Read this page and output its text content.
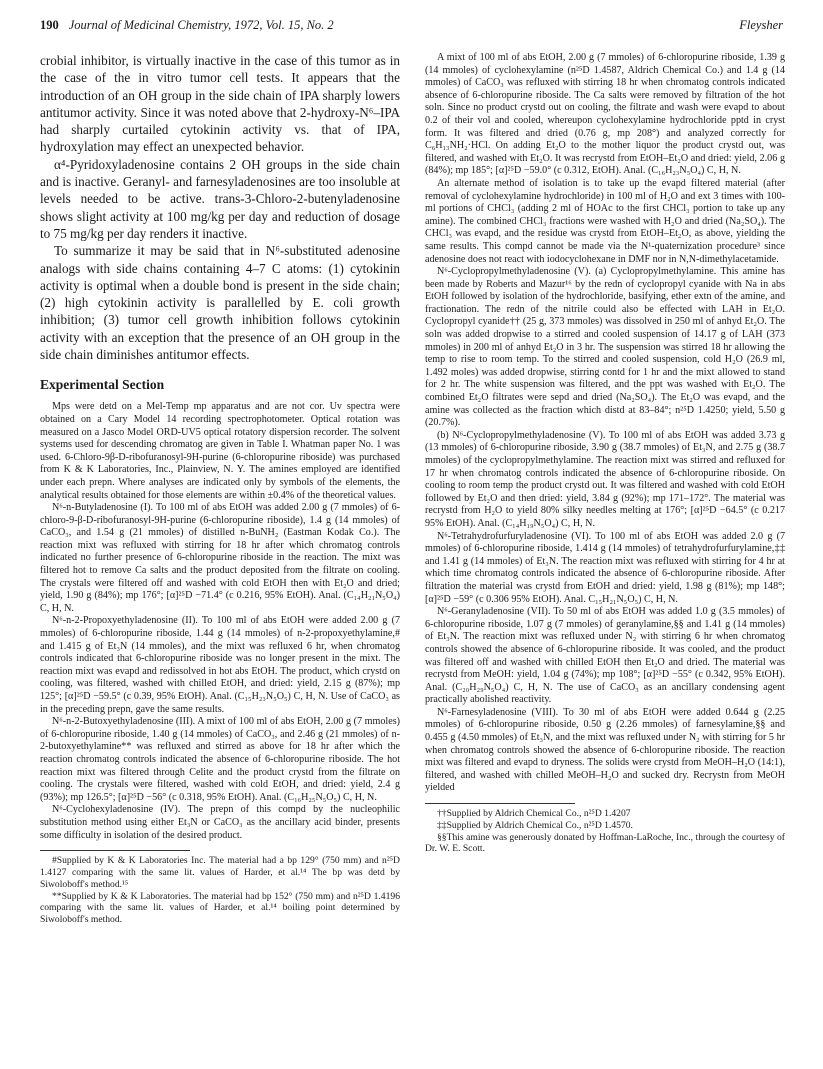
190 Journal of Medicinal Chemistry, 1972, Vol. 15, No. 2	Fleysher

crobial inhibitor, is virtually inactive in the case of this tumor as in the case of the in vitro tumor cell tests. It appears that the introduction of an OH group in the side chain of IPA sharply lowers antitumor activity. Since it was noted above that 2-hydroxy-N⁶–IPA had sharply curtailed cytokinin activity vs. that of IPA, hydroxylation may effect an unexpected behavior.

α⁴-Pyridoxyladenosine contains 2 OH groups in the side chain and is inactive. Geranyl- and farnesyladenosines are too insoluble at levels needed to be active. trans-3-Chloro-2-butenyladenosine shows slight activity at 100 mg/kg per day and reduction of dosage to 75 mg/kg per day renders it inactive.

To summarize it may be said that in N⁶-substituted adenosine analogs with side chains containing 4–7 C atoms: (1) cytokinin activity is optimal when a double bond is present in the side chain; (2) high cytokinin activity is parallelled by E. coli growth inhibition; (3) tumor cell growth inhibition follows cytokinin activity with an exception that the presence of an OH group in the side chain diminishes antitumor effects.

Experimental Section

Mps were detd on a Mel-Temp mp apparatus and are not cor. Uv spectra were obtained on a Cary Model 14 recording spectrophotometer. Optical rotation was measured on a Jasco Model ORD-UV5 optical rotatory dispersion recorder. The solvent systems used for descending chromatog are given in Table I. Whatman paper No. 1 was used. 6-Chloro-9β-D-ribofuranosyl-9H-purine (6-chloropurine riboside) was purchased from K & K Laboratories, Inc., Plainview, N. Y. The amines employed are identified under each prepn. Where analyses are indicated only by symbols of the elements, the analytical results obtained for those elements are within ±0.4% of the theoretical values.

N⁶-n-Butyladenosine (I). To 100 ml of abs EtOH was added 2.00 g (7 mmoles) of 6-chloro-9-β-D-ribofuranosyl-9H-purine (6-chloropurine riboside), 1.4 g (14 mmoles) of CaCO₃, and 1.54 g (21 mmoles) of distilled n-BuNH₂ (Eastman Kodak Co.). The reaction mixt was refluxed with stirring for 18 hr after which chromatog controls indicated no further presence of 6-chloropurine riboside in the reaction. The mixt was filtered hot to remove Ca salts and the product deposited from the filtrate on cooling. The crystals were filtered off and washed with cold EtOH then with Et₂O and dried; yield, 1.90 g (84%); mp 176°; [α]²⁵D −71.4° (c 0.216, 95% EtOH). Anal. (C₁₄H₂₁N₅O₄) C, H, N.

N⁶-n-2-Propoxyethyladenosine (II). To 100 ml of abs EtOH were added 2.00 g (7 mmoles) of 6-chloropurine riboside, 1.44 g (14 mmoles) of n-2-propoxyethylamine,# and 1.415 g of Et₃N (14 mmoles), and the mixt was refluxed 6 hr, when chromatog controls indicated that 6-chloropurine riboside was no longer present in the mixt. The reaction mixt was evapd and redissolved in hot abs EtOH. The product, which crystd on cooling, was filtered, washed with chilled EtOH, and dried: yield, 2.15 g (87%); mp 125°; [α]²⁵D −59.5° (c 0.39, 95% EtOH). Anal. (C₁₅H₂₃N₅O₅) C, H, N. Use of CaCO₃ as in the preceding prepn, gave the same results.

N⁶-n-2-Butoxyethyladenosine (III). A mixt of 100 ml of abs EtOH, 2.00 g (7 mmoles) of 6-chloropurine riboside, 1.40 g (14 mmoles) of CaCO₃, and 2.46 g (21 mmoles) of n-2-butoxyethylamine** was refluxed and stirred as above for 18 hr after which the reaction chromatog controls indicated the absence of 6-chloropurine riboside. The hot reaction mixt was filtered through Celite and the product crystd from the filtrate on cooling. The crystals were filtered, washed with cold EtOH, and dried: yield, 2.4 g (93%); mp 126.5°; [α]²⁵D −56° (c 0.318, 95% EtOH). Anal. (C₁₆H₂₅N₅O₅) C, H, N.

N⁶-Cyclohexyladenosine (IV). The prepn of this compd by the nucleophilic substitution method using either Et₃N or CaCO₃ as the ancillary acid binder, presents some difficulty in isolation of the desired product.

#Supplied by K & K Laboratories Inc. The material had a bp 129° (750 mm) and n²⁵D 1.4127 comparing with the same lit. values of Harder, et al.¹⁴ The bp was detd by Siwoloboff's method.¹⁵

**Supplied by K & K Laboratories. The material had bp 152° (750 mm) and n²⁵D 1.4196 comparing with the same lit. values of Harder, et al.¹⁴ boiling point determined by Siwoloboff's method.

A mixt of 100 ml of abs EtOH, 2.00 g (7 mmoles) of 6-chloropurine riboside, 1.39 g (14 mmoles) of cyclohexylamine (n²⁵D 1.4587, Aldrich Chemical Co.) and 1.4 g (14 mmoles) of CaCO₃ was refluxed with stirring 18 hr when chromatog controls indicated absence of 6-chloropurine riboside. The Ca salts were removed by filtration of the hot soln. Since no product crystd out on cooling, the filtrate and wash were evapd to about 0.2 of their vol and cooled, whereupon cyclohexylamine hydrochloride pptd in cryst form. It was filtered and dried (0.76 g, mp 208°) and analyzed correctly for C₆H₁₃NH₂·HCl. On adding Et₂O to the mother liquor the product crystd out, was filtered, and washed with Et₂O. It was recrystd from EtOH–Et₂O and dried: yield, 2.06 g (84%); mp 185°; [α]²⁵D −59.0° (c 0.312, EtOH). Anal. (C₁₆H₂₃N₅O₄) C, H, N.

An alternate method of isolation is to take up the evapd filtered material (after removal of cyclohexylamine hydrochloride) in 100 ml of H₂O and ext 3 times with 100-ml portions of CHCl₃ (adding 2 ml of HOAc to the first CHCl₃ portion to take up any amine). The combined CHCl₃ fractions were washed with H₂O and dried (Na₂SO₄). The CHCl₃ was evapd, and the residue was crystd from EtOH–Et₂O, as above, yielding the same results. This compd cannot be made via the N¹-quaternization procedure³ since adenosine does not react with iodocyclohexane in DMF nor in N,N-dimethylacetamide.

N⁶-Cyclopropylmethyladenosine (V). (a) Cyclopropylmethylamine. This amine has been made by Roberts and Mazur¹⁶ by the redn of cyclopropyl cyanide with Na in abs EtOH followed by isolation of the hydrochloride, basifying, ether extn of the amine, and fractionation. The redn of the nitrile could also be effected with LAH in Et₂O. Cyclopropyl cyanide†† (25 g, 373 mmoles) was dissolved in 250 ml of anhyd Et₂O. The soln was added dropwise to a stirred and cooled suspension of 14.17 g of LAH (373 mmoles) in 200 ml of anhyd Et₂O in 3 hr. The suspension was stirred 18 hr allowing the temp to rise to room temp. To the stirred and cooled suspension, cold H₂O (26.9 ml, 1.492 moles) was added dropwise, stirring contd for 1 hr and the mixt allowed to stand for 2 hr. The white suspension was filtered, and the ppt was washed with Et₂O. The combined Et₂O filtrates were sepd and dried (Na₂SO₄). The Et₂O was evapd, and the amine was collected as the fraction which distd at 83–84°; n²⁵D 1.4250; yield, 5.50 g (20.7%).

(b) N⁶-Cyclopropylmethyladenosine (V). To 100 ml of abs EtOH was added 3.73 g (13 mmoles) of 6-chloropurine riboside, 3.90 g (38.7 mmoles) of Et₃N, and 2.75 g (38.7 mmoles) of the cyclopropylmethylamine. The reaction mixt was stirred and refluxed for 17 hr when chromatog controls indicated the absence of 6-chloropurine riboside. On cooling to room temp the product crystd out. It was filtered and washed with cold EtOH followed by Et₂O and then dried: yield, 3.84 g (92%); mp 171–172°. The material was recrystd from H₂O to yield 80% silky needles melting at 176°; [α]²⁵D −64.5° (c 0.217 95% EtOH). Anal. (C₁₄H₁₉N₅O₄) C, H, N.

N⁶-Tetrahydrofurfuryladenosine (VI). To 100 ml of abs EtOH was added 2.0 g (7 mmoles) of 6-chloropurine riboside, 1.414 g (14 mmoles) of tetrahydrofurfurylamine,‡‡ and 1.41 g (14 mmoles) of Et₃N. The reaction mixt was refluxed with stirring for 4 hr at which time chromatog controls indicated the absence of 6-chloropurine riboside. After filtration the material was crystd from EtOH and dried: yield, 1.98 g (81%); mp 148°; [α]²⁵D −59° (c 0.306 95% EtOH). Anal. C₁₅H₂₁N₅O₅) C, H, N.

N⁶-Geranyladenosine (VII). To 50 ml of abs EtOH was added 1.0 g (3.5 mmoles) of 6-chloropurine riboside, 1.07 g (7 mmoles) of geranylamine,§§ and 1.41 g (14 mmoles) of Et₃N. The reaction mixt was refluxed under N₂ with stirring 6 hr when chromatog controls showed the absence of 6-chloropurine riboside. It was cooled, and the product was filtered off and washed with chilled EtOH then Et₂O and dried. The material was recrystd from MeOH: yield, 1.04 g (74%); mp 108°; [α]²⁵D −55° (c 0.342, 95% EtOH). Anal. (C₂₀H₂₉N₅O₄) C, H, N. The use of CaCO₃ as an ancillary condensing agent practically abolished reactivity.

N⁶-Farnesyladenosine (VIII). To 30 ml of abs EtOH were added 0.644 g (2.25 mmoles) of 6-chloropurine riboside, 0.50 g (2.26 mmoles) of farnesylamine,§§ and 0.455 g (4.50 mmoles) of Et₃N, and the mixt was refluxed under N₂ with stirring for 5 hr when chromatog controls showed the absence of 6-chloropurine riboside. The reaction mixt was filtered and evapd to dryness. The solids were crystd from MeOH–H₂O (14:1), filtered, and washed with chilled MeOH–H₂O and sucked dry. Recrystn from MeOH yielded

††Supplied by Aldrich Chemical Co., n²⁵D 1.4207

‡‡Supplied by Aldrich Chemical Co., n²⁵D 1.4570.

§§This amine was generously donated by Hoffman-LaRoche, Inc., through the courtesy of Dr. W. E. Scott.
